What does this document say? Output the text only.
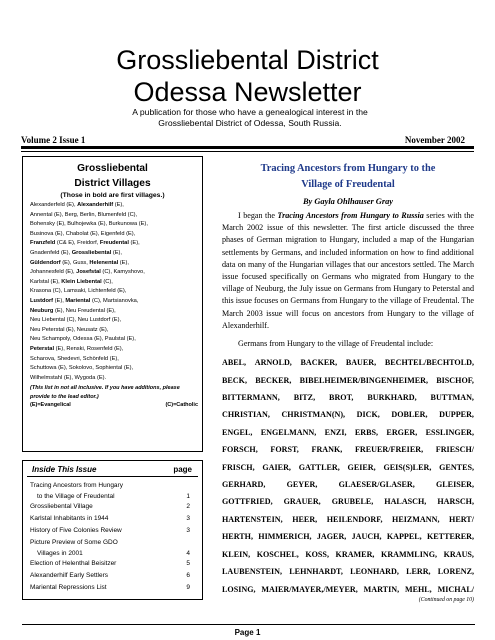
Grossliebental District
Odessa Newsletter
A publication for those who have a genealogical interest in the
Grossliebental District of Odessa, South Russia.
Volume 2 Issue 1	November 2002
Grossliebental
District Villages
(Those in bold are first villages.)
Alexanderfeld (E), Alexanderhilf (E),
Annental (E), Berg, Berlin, Blumenfeld (C),
Bohensky (E), Bulhojewka (E), Burkunowa (E),
Businova (E), Chabolat (E), Eigenfeld (E),
Franzfeld (C& E), Freidorf, Freudental (E),
Gnadenfeld (E), Grossliebental (E),
Güldendorf (E), Guss, Helenental (E),
Johannesfeld (E), Josefstal (C), Kamyshovo,
Karlstal (E), Klein Liebental (C),
Krasona (C), Lamsaki, Lichtenfeld (E),
Lustdorf (E), Mariental (C), Martsianovka,
Neuburg (E), Neu Freudental (E),
Neu Liebental (C), Neu Lustdorf (E),
Neu Peterstal (E), Neusatz (E),
Neu Schampoly, Odessa (E), Paulstal (E),
Peterstal (E), Renski, Rosenfeld (E),
Scharova, Shedevri, Schönfeld (E),
Schuttowa (E), Sokolovo, Sophiental (E),
Wilhelmstahl (E), Wygoda (E).
(This list in not all inclusive. If you have additions, please provide to the lead editor.)
(E)=Evangelical	(C)=Catholic
Inside This Issue	page
Tracing Ancestors from Hungary
to the Village of Freudental	1
Grossliebental Village	2
Karlstal Inhabitants in 1944	3
History of Five Colonies Review	3
Picture Preview of Some GDO
Villages in 2001	4
Election of Helenthal Beisitzer	5
Alexanderhilf Early Settlers	6
Mariental Repressions List	9
Tracing Ancestors from Hungary to the
Village of Freudental
By Gayla Ohlhauser Gray
I began the Tracing Ancestors from Hungary to Russia series with the March 2002 issue of this newsletter. The first article discussed the three phases of German migration to Hungary, included a map of the Hungarian settlements by Germans, and included information on how to find additional data on many of the Hungarian villages that our ancestors settled. The March issue focused specifically on Germans who migrated from Hungary to the village of Neuburg, the July issue on Germans from Hungary to Peterstal and this issue focuses on Germans from Hungary to the village of Freudental. The March 2003 issue will focus on ancestors from Hungary to the village of Alexanderhilf.
Germans from Hungary to the village of Freudental include:
ABEL, ARNOLD, BACKER, BAUER, BECHTEL/BECHTOLD,
BECK, BECKER, BIBELHEIMER/BINGENHEIMER, BISCHOF,
BITTERMANN, BITZ, BROT, BURKHARD, BUTTMAN,
CHRISTIAN, CHRISTMAN(N), DICK, DOBLER, DUPPER,
ENGEL, ENGELMANN, ENZI, ERBS, ERGER, ESSLINGER,
FORSCH, FORST, FRANK, FREUER/FREIER, FRIESCH/
FRISCH, GAIER, GATTLER, GEIER, GEIS(S)LER, GENTES,
GERHARD,	GEYER,	GLAESER/GLASER,	GLEISER,
GOTTFRIED, GRAUER, GRUBELE, HALASCH, HARSCH,
HARTENSTEIN, HEER, HEILENDORF, HEIZMANN, HERT/
HERTH, HIMMERICH, JAGER, JAUCH, KAPPEL, KETTERER,
KLEIN, KOSCHEL, KOSS, KRAMER, KRAMMLING, KRAUS,
LAUBENSTEIN, LEHNHARDT, LEONHARD, LERR, LORENZ,
LOSING, MAIER/MAYER,/MEYER, MARTIN, MEHL, MICHAL/
(Continued on page 10)
Page 1
